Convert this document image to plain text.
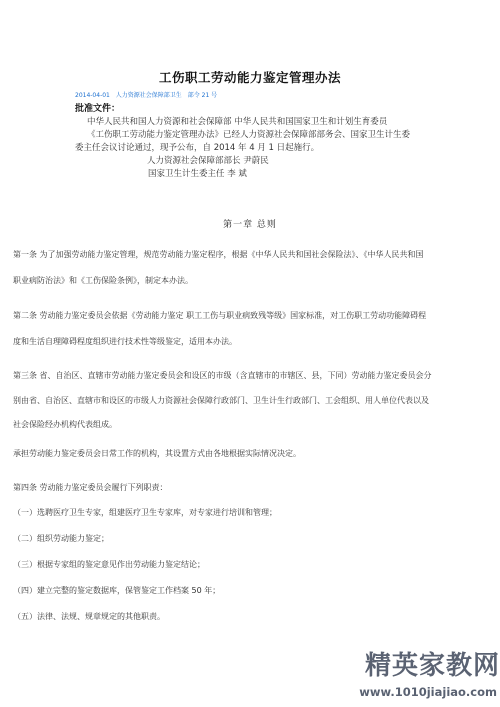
工伤职工劳动能力鉴定管理办法
2014-04-01 人力资源社会保障部卫生 部令 21 号
批准文件：
中华人民共和国人力资源和社会保障部 中华人民共和国国家卫生和计划生育委员
《工伤职工劳动能力鉴定管理办法》已经人力资源社会保障部部务会、国家卫生计生委
委主任会议讨论通过，现予公布，自 2014 年 4 月 1 日起施行。
人力资源社会保障部部长 尹蔚民
国家卫生计生委主任 李 斌
第一章 总则
第一条 为了加强劳动能力鉴定管理，规范劳动能力鉴定程序，根据《中华人民共和国社会保险法》、《中华人民共和国
职业病防治法》和《工伤保险条例》，制定本办法。
第二条 劳动能力鉴定委员会依据《劳动能力鉴定 职工工伤与职业病致残等级》国家标准，对工伤职工劳动功能障碍程
度和生活自理障碍程度组织进行技术性等级鉴定，适用本办法。
第三条 省、自治区、直辖市劳动能力鉴定委员会和设区的市级（含直辖市的市辖区、县，下同）劳动能力鉴定委员会分
别由省、自治区、直辖市和设区的市级人力资源社会保障行政部门、卫生计生行政部门、工会组织、用人单位代表以及
社会保险经办机构代表组成。
承担劳动能力鉴定委员会日常工作的机构，其设置方式由各地根据实际情况决定。
第四条 劳动能力鉴定委员会履行下列职责：
（一）选聘医疗卫生专家，组建医疗卫生专家库，对专家进行培训和管理；
（二）组织劳动能力鉴定；
（三）根据专家组的鉴定意见作出劳动能力鉴定结论；
（四）建立完整的鉴定数据库，保管鉴定工作档案 50 年；
（五）法律、法规、规章规定的其他职责。
精英家教网
www.1010jiajiao.com
